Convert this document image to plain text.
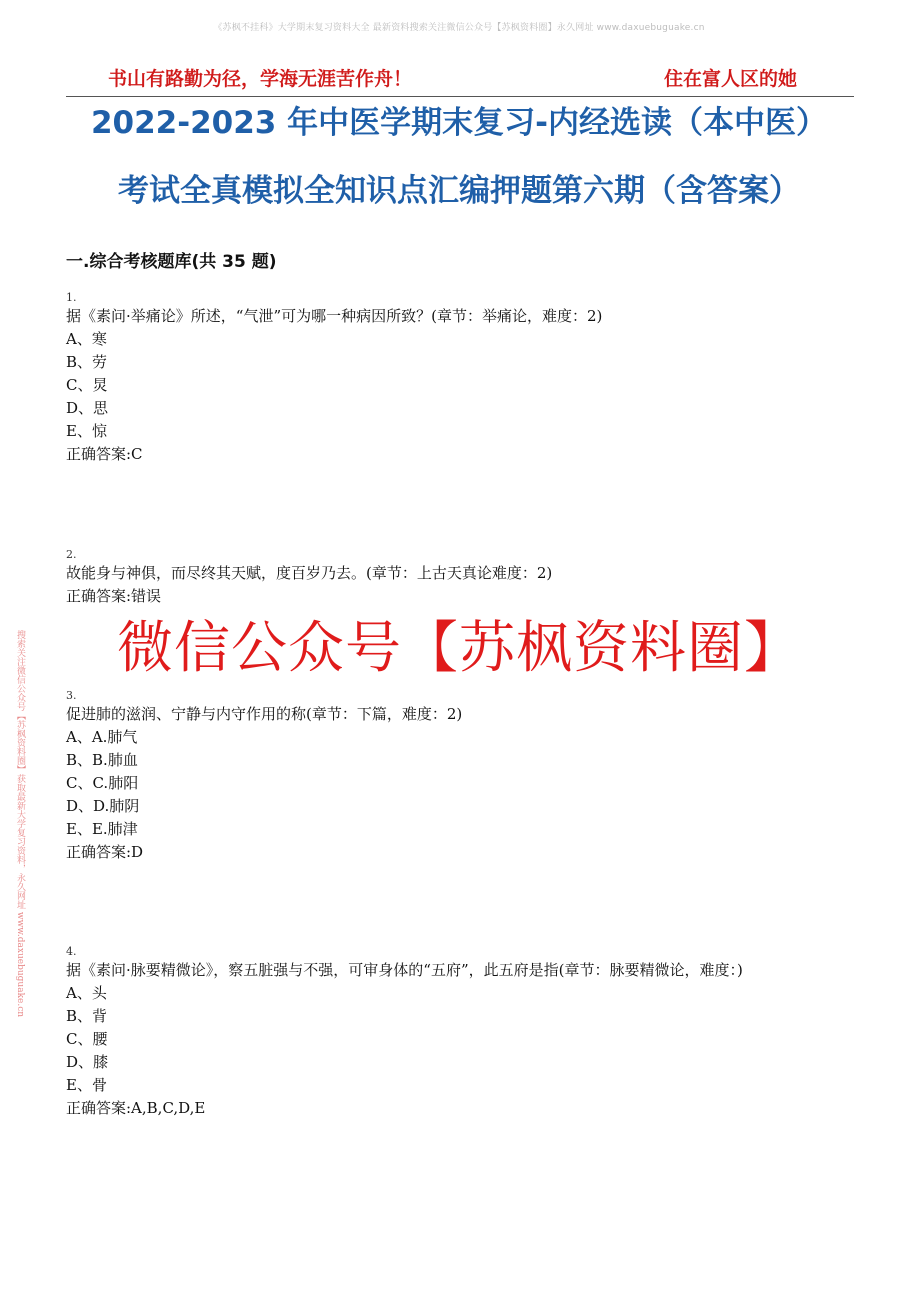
《苏枫不挂科》大学期末复习资料大全 最新资料搜索关注微信公众号【苏枫资料圈】永久网址 www.daxuebuguake.cn
书山有路勤为径，学海无涯苦作舟！	住在富人区的她
2022-2023 年中医学期末复习-内经选读（本中医）
考试全真模拟全知识点汇编押题第六期（含答案）
一.综合考核题库(共 35 题)
1.
据《素问·举痛论》所述，“气泄”可为哪一种病因所致？(章节：举痛论，难度：2)
A、寒
B、劳
C、炅
D、思
E、惊
正确答案:C
2.
故能身与神俱，而尽终其天赋，度百岁乃去。(章节：上古天真论难度：2)
正确答案:错误
微信公众号【苏枫资料圈】
3.
促进肺的滋润、宁静与内守作用的称(章节：下篇，难度：2)
A、A.肺气
B、B.肺血
C、C.肺阳
D、D.肺阴
E、E.肺津
正确答案:D
4.
据《素问·脉要精微论》，察五脏强与不强，可审身体的“五府”，此五府是指(章节：脉要精微论，难度：)
A、头
B、背
C、腰
D、膝
E、骨
正确答案:A,B,C,D,E
搜索关注微信公众号【苏枫资料圈】获取最新大学复习资料，永久网址 www.daxuebuguake.cn
